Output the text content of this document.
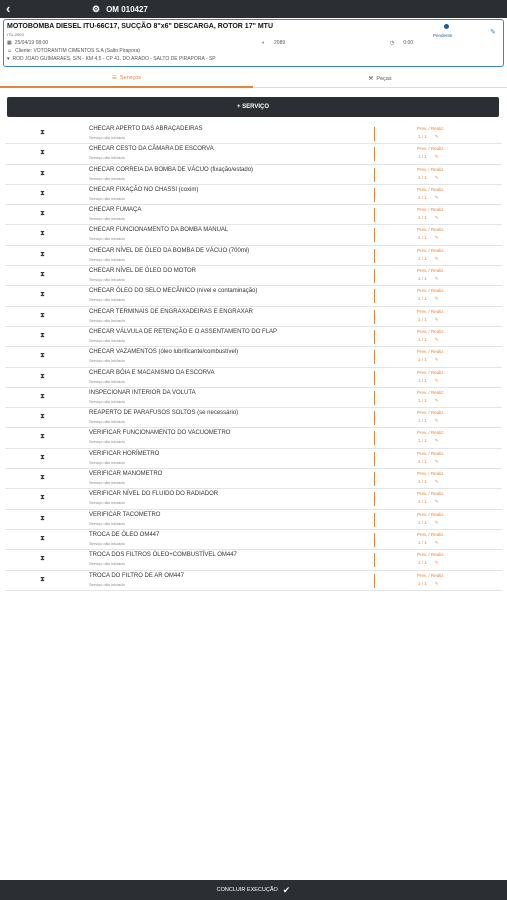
‹	⚙ OM 010427
MOTOBOMBA DIESEL ITU-66C17, SUCÇÃO 8"x6" DESCARGA, ROTOR 17" MTU
ITU-2003
▦ 25/04/19 08:00
☺ Cliente: VOTORANTIM CIMENTOS S.A (Salto Pirapora)
▾ ROD JOAO GUIMARAES, S/N - KM 4,5 - CP 41, DO ARADO - SALTO DE PIRAPORA - SP
◐ 2089	◷ 0:00
Pendente	✎
☰ Serviços	⚒ Peças
+ SERVIÇO
⧗	CHECAR APERTO DAS ABRAÇADEIRAS
Serviço não iniciado
Prev. / Realiz.
1 / 1 ✎
⧗	CHECAR CESTO DA CÂMARA DE ESCORVA
Serviço não iniciado
Prev. / Realiz.
1 / 1 ✎
⧗	CHECAR CORREIA DA BOMBA DE VÁCUO (fixação/estado)
Serviço não iniciado
Prev. / Realiz.
1 / 1 ✎
⧗	CHECAR FIXAÇÃO NO CHASSI (coxim)
Serviço não iniciado
Prev. / Realiz.
1 / 1 ✎
⧗	CHECAR FUMAÇA
Serviço não iniciado
Prev. / Realiz.
1 / 1 ✎
⧗	CHECAR FUNCIONAMENTO DA BOMBA MANUAL
Serviço não iniciado
Prev. / Realiz.
1 / 1 ✎
⧗	CHECAR NÍVEL DE ÓLEO DA BOMBA DE VÁCUO (700ml)
Serviço não iniciado
Prev. / Realiz.
1 / 1 ✎
⧗	CHECAR NÍVEL DE ÓLEO DO MOTOR
Serviço não iniciado
Prev. / Realiz.
1 / 1 ✎
⧗	CHECAR ÓLEO DO SELO MECÂNICO (nível e contaminação)
Serviço não iniciado
Prev. / Realiz.
1 / 1 ✎
⧗	CHECAR TERMINAIS DE ENGRAXADEIRAS E ENGRAXAR
Serviço não iniciado
Prev. / Realiz.
1 / 1 ✎
⧗	CHECAR VÁLVULA DE RETENÇÃO E O ASSENTAMENTO DO FLAP
Serviço não iniciado
Prev. / Realiz.
1 / 1 ✎
⧗	CHECAR VAZAMENTOS (óleo lubrificante/combustível)
Serviço não iniciado
Prev. / Realiz.
1 / 1 ✎
⧗	CHECAR BÓIA E MACANISMO DA ESCORVA
Serviço não iniciado
Prev. / Realiz.
1 / 1 ✎
⧗	INSPECIONAR INTERIOR DA VOLUTA
Serviço não iniciado
Prev. / Realiz.
1 / 1 ✎
⧗	REAPERTO DE PARAFUSOS SOLTOS (se necessário)
Serviço não iniciado
Prev. / Realiz.
1 / 1 ✎
⧗	VERIFICAR FUNCIONAMENTO DO VACUOMETRO
Serviço não iniciado
Prev. / Realiz.
1 / 1 ✎
⧗	VERIFICAR HORÍMETRO
Serviço não iniciado
Prev. / Realiz.
1 / 1 ✎
⧗	VERIFICAR MANOMETRO
Serviço não iniciado
Prev. / Realiz.
1 / 1 ✎
⧗	VERIFICAR NÍVEL DO FLUIDO DO RADIADOR
Serviço não iniciado
Prev. / Realiz.
1 / 1 ✎
⧗	VERIFICAR TACOMETRO
Serviço não iniciado
Prev. / Realiz.
1 / 1 ✎
⧗	TROCA DE ÓLEO OM447
Serviço não iniciado
Prev. / Realiz.
1 / 1 ✎
⧗	TROCA DOS FILTROS ÓLEO+COMBUSTÍVEL OM447
Serviço não iniciado
Prev. / Realiz.
1 / 1 ✎
⧗	TROCA DO FILTRO DE AR OM447
Serviço não iniciado
Prev. / Realiz.
1 / 1 ✎
CONCLUIR EXECUÇÃO ✔
